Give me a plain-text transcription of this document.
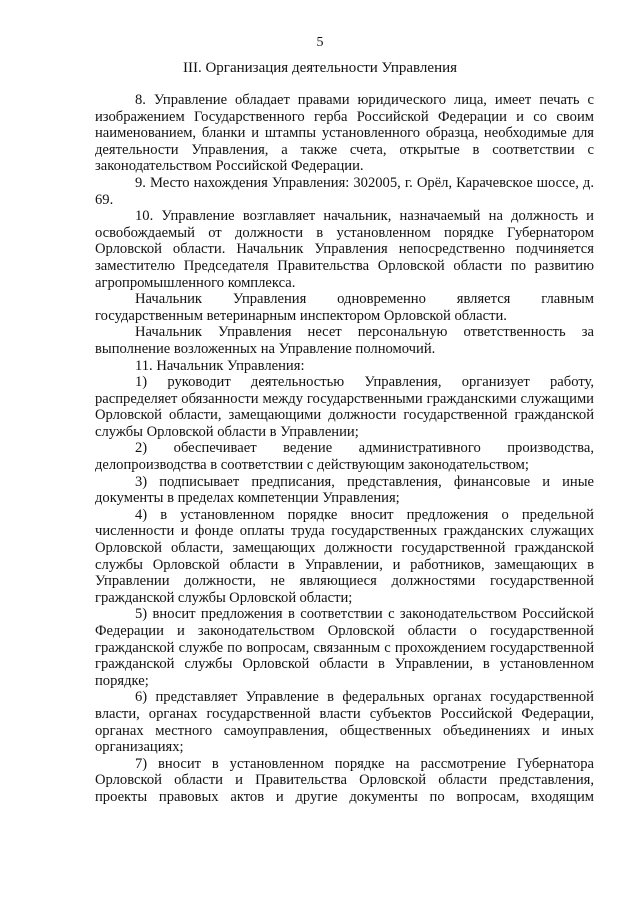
5
III. Организация деятельности Управления

8. Управление обладает правами юридического лица, имеет печать с изображением Государственного герба Российской Федерации и со своим наименованием, бланки и штампы установленного образца, необходимые для деятельности Управления, а также счета, открытые в соответствии с законодательством Российской Федерации.

9. Место нахождения Управления: 302005, г. Орёл, Карачевское шоссе, д. 69.

10. Управление возглавляет начальник, назначаемый на должность и освобождаемый от должности в установленном порядке Губернатором Орловской области. Начальник Управления непосредственно подчиняется заместителю Председателя Правительства Орловской области по развитию агропромышленного комплекса.

Начальник Управления одновременно является главным государственным ветеринарным инспектором Орловской области.

Начальник Управления несет персональную ответственность за выполнение возложенных на Управление полномочий.

11. Начальник Управления:

1) руководит деятельностью Управления, организует работу, распределяет обязанности между государственными гражданскими служащими Орловской области, замещающими должности государственной гражданской службы Орловской области в Управлении;

2) обеспечивает ведение административного производства, делопроизводства в соответствии с действующим законодательством;

3) подписывает предписания, представления, финансовые и иные документы в пределах компетенции Управления;

4) в установленном порядке вносит предложения о предельной численности и фонде оплаты труда государственных гражданских служащих Орловской области, замещающих должности государственной гражданской службы Орловской области в Управлении, и работников, замещающих в Управлении должности, не являющиеся должностями государственной гражданской службы Орловской области;

5) вносит предложения в соответствии с законодательством Российской Федерации и законодательством Орловской области о государственной гражданской службе по вопросам, связанным с прохождением государственной гражданской службы Орловской области в Управлении, в установленном порядке;

6) представляет Управление в федеральных органах государственной власти, органах государственной власти субъектов Российской Федерации, органах местного самоуправления, общественных объединениях и иных организациях;

7) вносит в установленном порядке на рассмотрение Губернатора Орловской области и Правительства Орловской области представления, проекты правовых актов и другие документы по вопросам, входящим
